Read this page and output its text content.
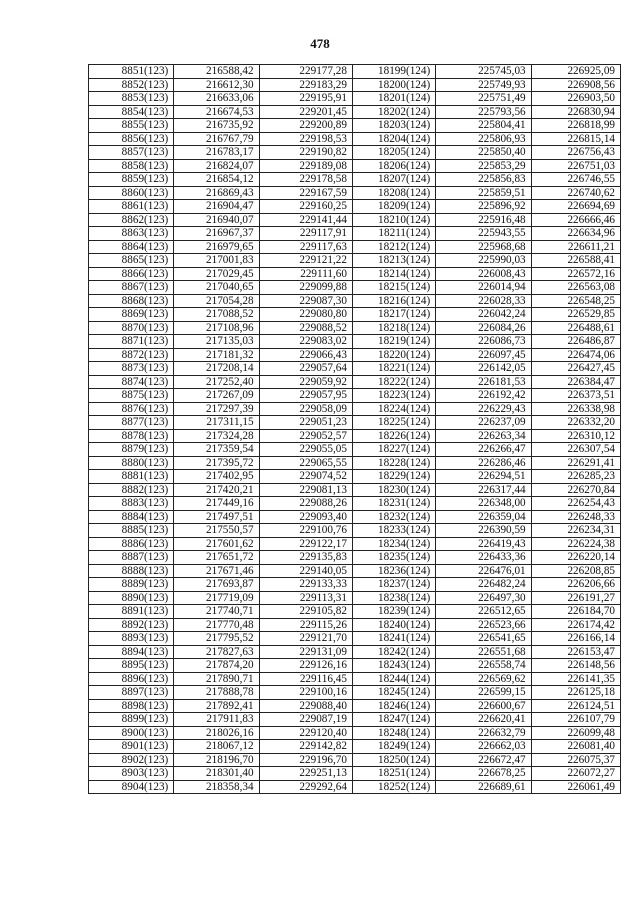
478
8851(123)	216588,42	229177,28	18199(124)	225745,03	226925,09
8852(123)	216612,30	229183,29	18200(124)	225749,93	226908,56
8853(123)	216633,06	229195,91	18201(124)	225751,49	226903,50
8854(123)	216674,53	229201,45	18202(124)	225793,56	226830,94
8855(123)	216735,92	229200,89	18203(124)	225804,41	226818,99
8856(123)	216767,79	229198,53	18204(124)	225806,93	226815,14
8857(123)	216783,17	229190,82	18205(124)	225850,40	226756,43
8858(123)	216824,07	229189,08	18206(124)	225853,29	226751,03
8859(123)	216854,12	229178,58	18207(124)	225856,83	226746,55
8860(123)	216869,43	229167,59	18208(124)	225859,51	226740,62
8861(123)	216904,47	229160,25	18209(124)	225896,92	226694,69
8862(123)	216940,07	229141,44	18210(124)	225916,48	226666,46
8863(123)	216967,37	229117,91	18211(124)	225943,55	226634,96
8864(123)	216979,65	229117,63	18212(124)	225968,68	226611,21
8865(123)	217001,83	229121,22	18213(124)	225990,03	226588,41
8866(123)	217029,45	229111,60	18214(124)	226008,43	226572,16
8867(123)	217040,65	229099,88	18215(124)	226014,94	226563,08
8868(123)	217054,28	229087,30	18216(124)	226028,33	226548,25
8869(123)	217088,52	229080,80	18217(124)	226042,24	226529,85
8870(123)	217108,96	229088,52	18218(124)	226084,26	226488,61
8871(123)	217135,03	229083,02	18219(124)	226086,73	226486,87
8872(123)	217181,32	229066,43	18220(124)	226097,45	226474,06
8873(123)	217208,14	229057,64	18221(124)	226142,05	226427,45
8874(123)	217252,40	229059,92	18222(124)	226181,53	226384,47
8875(123)	217267,09	229057,95	18223(124)	226192,42	226373,51
8876(123)	217297,39	229058,09	18224(124)	226229,43	226338,98
8877(123)	217311,15	229051,23	18225(124)	226237,09	226332,20
8878(123)	217324,28	229052,57	18226(124)	226263,34	226310,12
8879(123)	217359,54	229055,05	18227(124)	226266,47	226307,54
8880(123)	217395,72	229065,55	18228(124)	226286,46	226291,41
8881(123)	217402,95	229074,52	18229(124)	226294,51	226285,23
8882(123)	217420,21	229081,13	18230(124)	226317,44	226270,84
8883(123)	217449,16	229088,26	18231(124)	226348,00	226254,43
8884(123)	217497,51	229093,40	18232(124)	226359,04	226248,33
8885(123)	217550,57	229100,76	18233(124)	226390,59	226234,31
8886(123)	217601,62	229122,17	18234(124)	226419,43	226224,38
8887(123)	217651,72	229135,83	18235(124)	226433,36	226220,14
8888(123)	217671,46	229140,05	18236(124)	226476,01	226208,85
8889(123)	217693,87	229133,33	18237(124)	226482,24	226206,66
8890(123)	217719,09	229113,31	18238(124)	226497,30	226191,27
8891(123)	217740,71	229105,82	18239(124)	226512,65	226184,70
8892(123)	217770,48	229115,26	18240(124)	226523,66	226174,42
8893(123)	217795,52	229121,70	18241(124)	226541,65	226166,14
8894(123)	217827,63	229131,09	18242(124)	226551,68	226153,47
8895(123)	217874,20	229126,16	18243(124)	226558,74	226148,56
8896(123)	217890,71	229116,45	18244(124)	226569,62	226141,35
8897(123)	217888,78	229100,16	18245(124)	226599,15	226125,18
8898(123)	217892,41	229088,40	18246(124)	226600,67	226124,51
8899(123)	217911,83	229087,19	18247(124)	226620,41	226107,79
8900(123)	218026,16	229120,40	18248(124)	226632,79	226099,48
8901(123)	218067,12	229142,82	18249(124)	226662,03	226081,40
8902(123)	218196,70	229196,70	18250(124)	226672,47	226075,37
8903(123)	218301,40	229251,13	18251(124)	226678,25	226072,27
8904(123)	218358,34	229292,64	18252(124)	226689,61	226061,49
